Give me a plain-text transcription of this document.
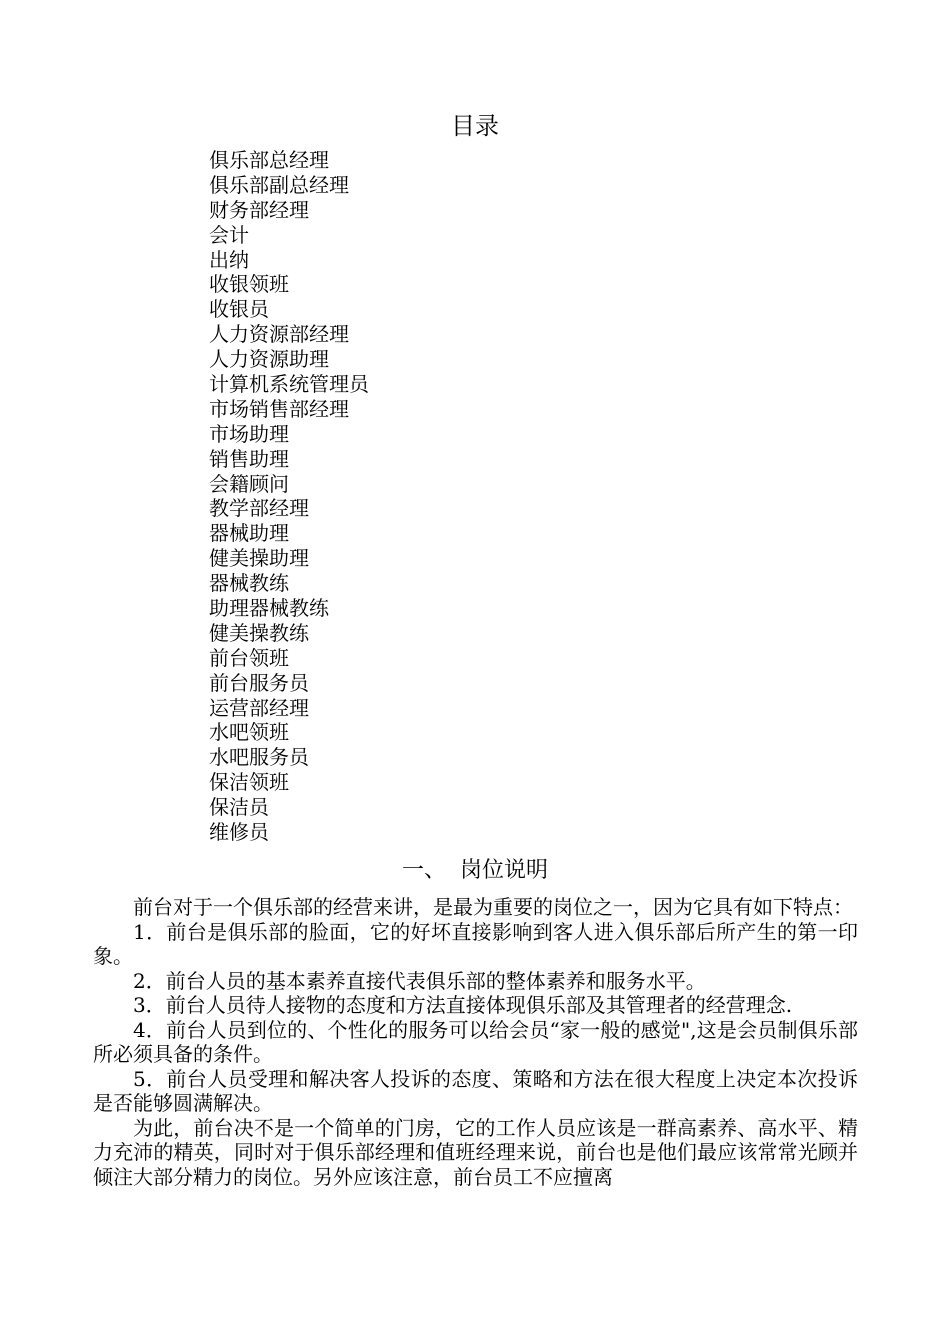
目录
俱乐部总经理
俱乐部副总经理
财务部经理
会计
出纳
收银领班
收银员
人力资源部经理
人力资源助理
计算机系统管理员
市场销售部经理
市场助理
销售助理
会籍顾问
教学部经理
器械助理
健美操助理
器械教练
助理器械教练
健美操教练
前台领班
前台服务员
运营部经理
水吧领班
水吧服务员
保洁领班
保洁员
维修员
一、 岗位说明

前台对于一个俱乐部的经营来讲，是最为重要的岗位之一，因为它具有如下特点：

1．前台是俱乐部的脸面，它的好坏直接影响到客人进入俱乐部后所产生的第一印象。

2．前台人员的基本素养直接代表俱乐部的整体素养和服务水平。

3．前台人员待人接物的态度和方法直接体现俱乐部及其管理者的经营理念.

4．前台人员到位的、个性化的服务可以给会员“家一般的感觉",这是会员制俱乐部所必须具备的条件。

5．前台人员受理和解决客人投诉的态度、策略和方法在很大程度上决定本次投诉是否能够圆满解决。

为此，前台决不是一个简单的门房，它的工作人员应该是一群高素养、高水平、精力充沛的精英，同时对于俱乐部经理和值班经理来说，前台也是他们最应该常常光顾并倾注大部分精力的岗位。另外应该注意，前台员工不应擅离
